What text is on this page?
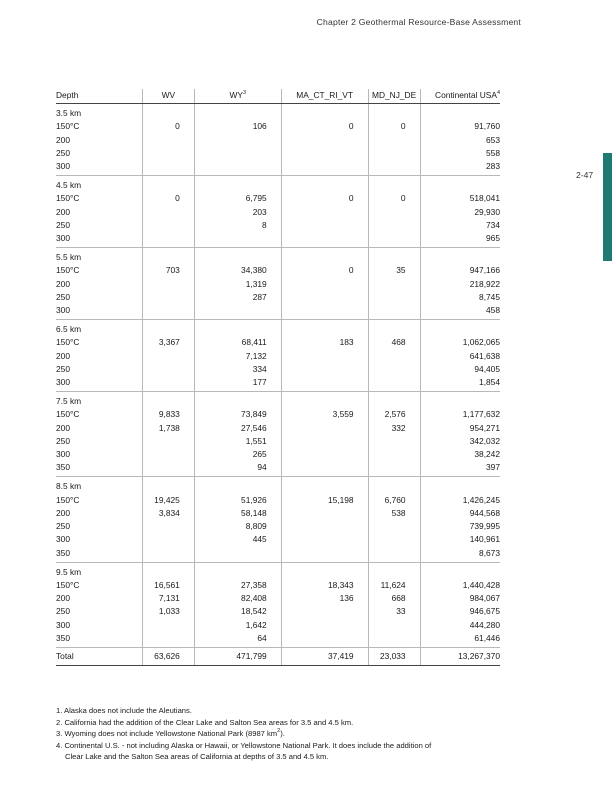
Chapter 2 Geothermal Resource-Base Assessment
2-47
Depth	WV	$WY^3$	MA_CT_RI_VT	MD_NJ_DE	Continental USA$^4$
3.5 km					
150°C	0	106	0	0	91,760
200					653
250					558
300					283
4.5 km					
150°C	0	6,795	0	0	518,041
200		203			29,930
250		8			734
300					965
5.5 km					
150°C	703	34,380	0	35	947,166
200		1,319			218,922
250		287			8,745
300					458
6.5 km					
150°C	3,367	68,411	183	468	1,062,065
200		7,132			641,638
250		334			94,405
300		177			1,854
7.5 km					
150°C	9,833	73,849	3,559	2,576	1,177,632
200	1,738	27,546		332	954,271
250		1,551			342,032
300		265			38,242
350		94			397
8.5 km					
150°C	19,425	51,926	15,198	6,760	1,426,245
200	3,834	58,148		538	944,568
250		8,809			739,995
300		445			140,961
350					8,673
9.5 km					
150°C	16,561	27,358	18,343	11,624	1,440,428
200	7,131	82,408	136	668	984,067
250	1,033	18,542		33	946,675
300		1,642			444,280
350		64			61,446
Total	63,626	471,799	37,419	23,033	13,267,370

1. Alaska does not include the Aleutians.

2. California had the addition of the Clear Lake and Salton Sea areas for 3.5 and 4.5 km.

3. Wyoming does not include Yellowstone National Park (8987 $km^2$).

4. Continental U.S. - not including Alaska or Hawaii, or Yellowstone National Park. It does include the addition of
Clear Lake and the Salton Sea areas of California at depths of 3.5 and 4.5 km.
